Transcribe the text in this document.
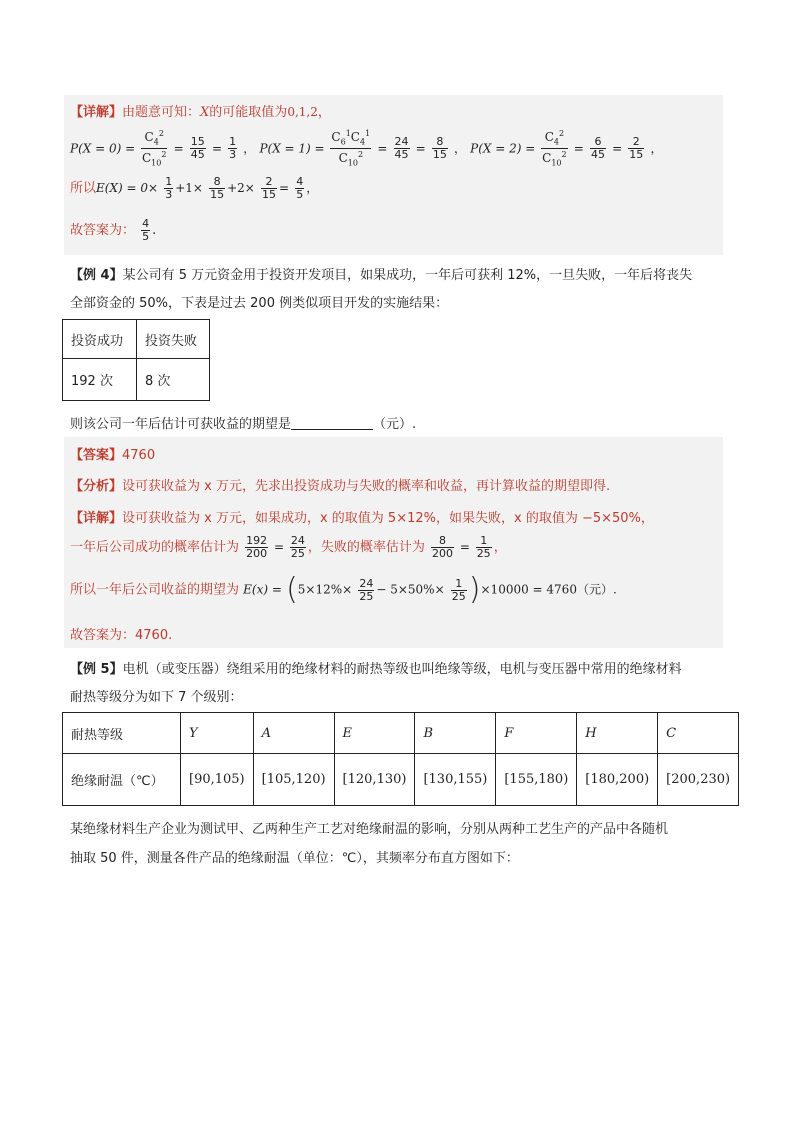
【详解】由题意可知：X的可能取值为0,1,2，
$P(X = 0) = \frac{C_4^2}{C_{10}^2} = \frac{15}{45} = \frac{1}{3}$ ， $P(X = 1) = \frac{C_6^1C_4^1}{C_{10}^2} = \frac{24}{45} = \frac{8}{15}$ ， $P(X = 2) = \frac{C_4^2}{C_{10}^2} = \frac{6}{45} = \frac{2}{15}$ ，
所以$E(X) = 0\times \frac{1}{3} +1\times \frac{8}{15} +2\times \frac{2}{15} = \frac{4}{5}$ ，
故答案为： $\frac{4}{5}$ .
【例 4】某公司有 5 万元资金用于投资开发项目，如果成功，一年后可获利 12%，一旦失败，一年后将丧失
全部资金的 50%，下表是过去 200 例类似项目开发的实施结果：
投资成功	投资失败
192 次	8 次
则该公司一年后估计可获收益的期望是	（元）.
【答案】4760
【分析】设可获收益为 x 万元，先求出投资成功与失败的概率和收益，再计算收益的期望即得.
【详解】设可获收益为 x 万元，如果成功，x 的取值为 5×12%，如果失败，x 的取值为 −5×50%，
一年后公司成功的概率估计为 $\frac{192}{200} = \frac{24}{25}$ ，失败的概率估计为 $\frac{8}{200} = \frac{1}{25}$ ，
所以一年后公司收益的期望为 $E(x) = (5\times 12\%\times \frac{24}{25} - 5\times 50\%\times \frac{1}{25} )\times 10000 = 4760$（元）.
故答案为：4760.
【例 5】电机（或变压器）绕组采用的绝缘材料的耐热等级也叫绝缘等级，电机与变压器中常用的绝缘材料
耐热等级分为如下 7 个级别：
耐热等级	Y	A	E	B	F	H	C
绝缘耐温（℃）	[90,105)	[105,120)	[120,130)	[130,155)	[155,180)	[180,200)	[200,230)
某绝缘材料生产企业为测试甲、乙两种生产工艺对绝缘耐温的影响，分别从两种工艺生产的产品中各随机
抽取 50 件，测量各件产品的绝缘耐温（单位：℃），其频率分布直方图如下：
